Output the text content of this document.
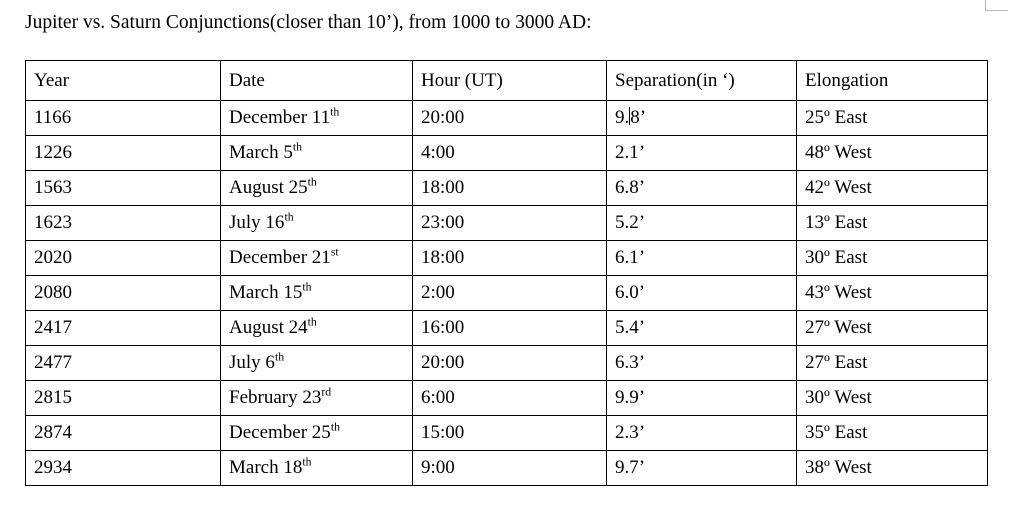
Jupiter vs. Saturn Conjunctions(closer than 10’), from 1000 to 3000 AD:
Year	Date	Hour (UT)	Separation(in ‘)	Elongation
1166	December 11th	20:00	9.8’	25º East
1226	March 5th	4:00	2.1’	48º West
1563	August 25th	18:00	6.8’	42º West
1623	July 16th	23:00	5.2’	13º East
2020	December 21st	18:00	6.1’	30º East
2080	March 15th	2:00	6.0’	43º West
2417	August 24th	16:00	5.4’	27º West
2477	July 6th	20:00	6.3’	27º East
2815	February 23rd	6:00	9.9’	30º West
2874	December 25th	15:00	2.3’	35º East
2934	March 18th	9:00	9.7’	38º West
